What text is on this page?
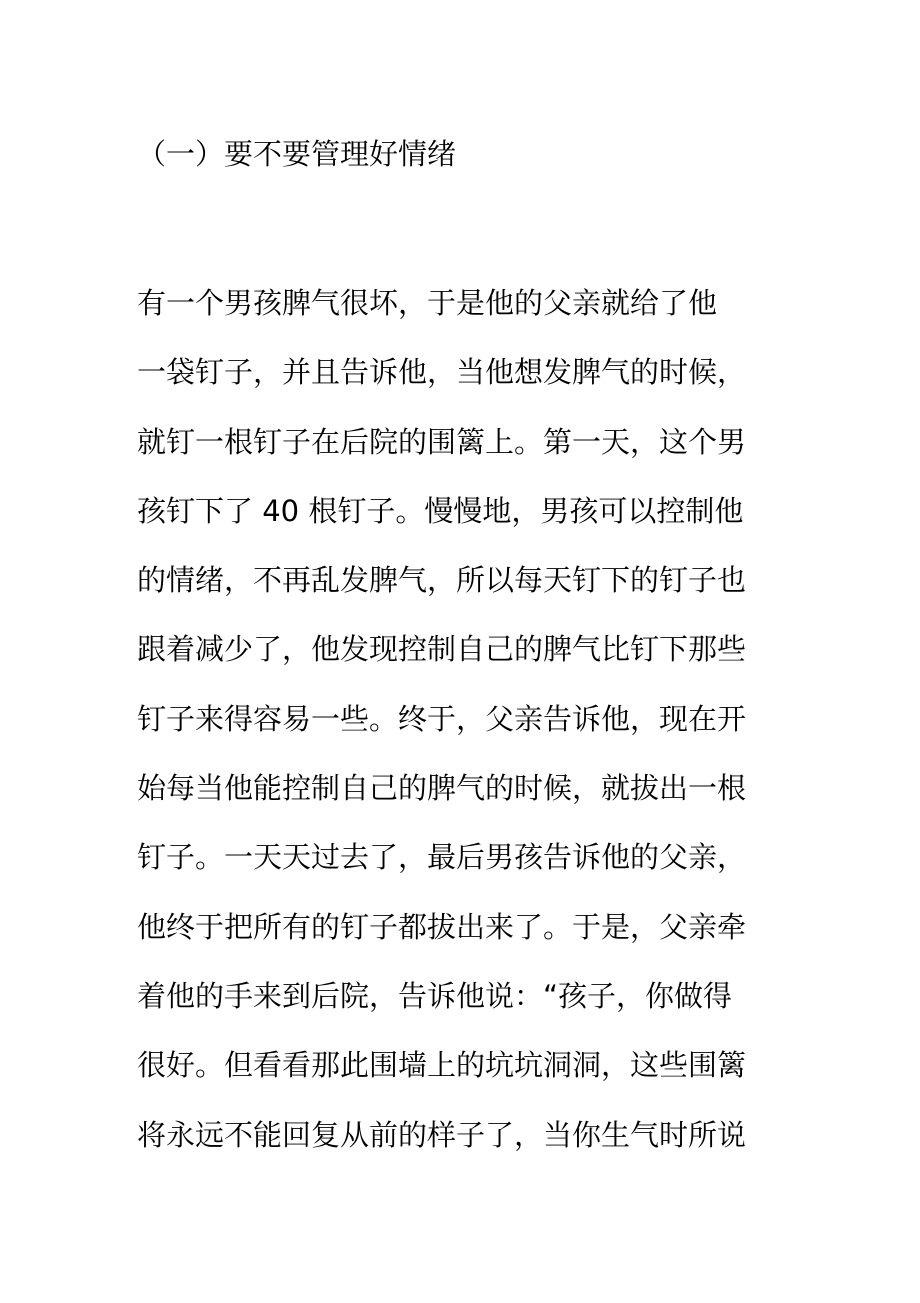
（一）要不要管理好情绪
有一个男孩脾气很坏，于是他的父亲就给了他
一袋钉子，并且告诉他，当他想发脾气的时候，
就钉一根钉子在后院的围篱上。第一天，这个男
孩钉下了 40 根钉子。慢慢地，男孩可以控制他
的情绪，不再乱发脾气，所以每天钉下的钉子也
跟着减少了，他发现控制自己的脾气比钉下那些
钉子来得容易一些。终于，父亲告诉他，现在开
始每当他能控制自己的脾气的时候，就拔出一根
钉子。一天天过去了，最后男孩告诉他的父亲，
他终于把所有的钉子都拔出来了。于是，父亲牵
着他的手来到后院，告诉他说：“孩子，你做得
很好。但看看那此围墙上的坑坑洞洞，这些围篱
将永远不能回复从前的样子了，当你生气时所说
